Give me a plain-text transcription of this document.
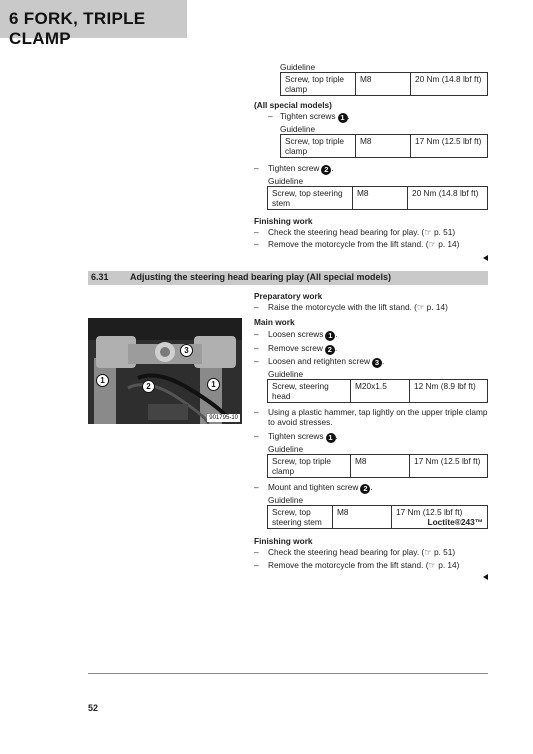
6 FORK, TRIPLE CLAMP
Guideline
Screw, top triple clamp	M8	20 Nm (14.8 lbf ft)
(All special models)
– Tighten screws 1 .
Guideline
Screw, top triple clamp	M8	17 Nm (12.5 lbf ft)
– Tighten screw 2 .
Guideline
Screw, top steering stem	M8	20 Nm (14.8 lbf ft)
Finishing work
– Check the steering head bearing for play. (☞ p. 51)
– Remove the motorcycle from the lift stand. (☞ p. 14)
6.31 Adjusting the steering head bearing play (All special models)
1
2
3
1
901795-10
Preparatory work
– Raise the motorcycle with the lift stand. (☞ p. 14)
Main work
– Loosen screws 1 .
– Remove screw 2 .
– Loosen and retighten screw 3 .
Guideline
Screw, steering head	M20x1.5	12 Nm (8.9 lbf ft)
– Using a plastic hammer, tap lightly on the upper triple clamp to avoid stresses.
– Tighten screws 1 .
Guideline
Screw, top triple clamp	M8	17 Nm (12.5 lbf ft)
– Mount and tighten screw 2 .
Guideline
Screw, top steering stem	M8	17 Nm (12.5 lbf ft)
Loctite®243™
Finishing work
– Check the steering head bearing for play. (☞ p. 51)
– Remove the motorcycle from the lift stand. (☞ p. 14)
52
